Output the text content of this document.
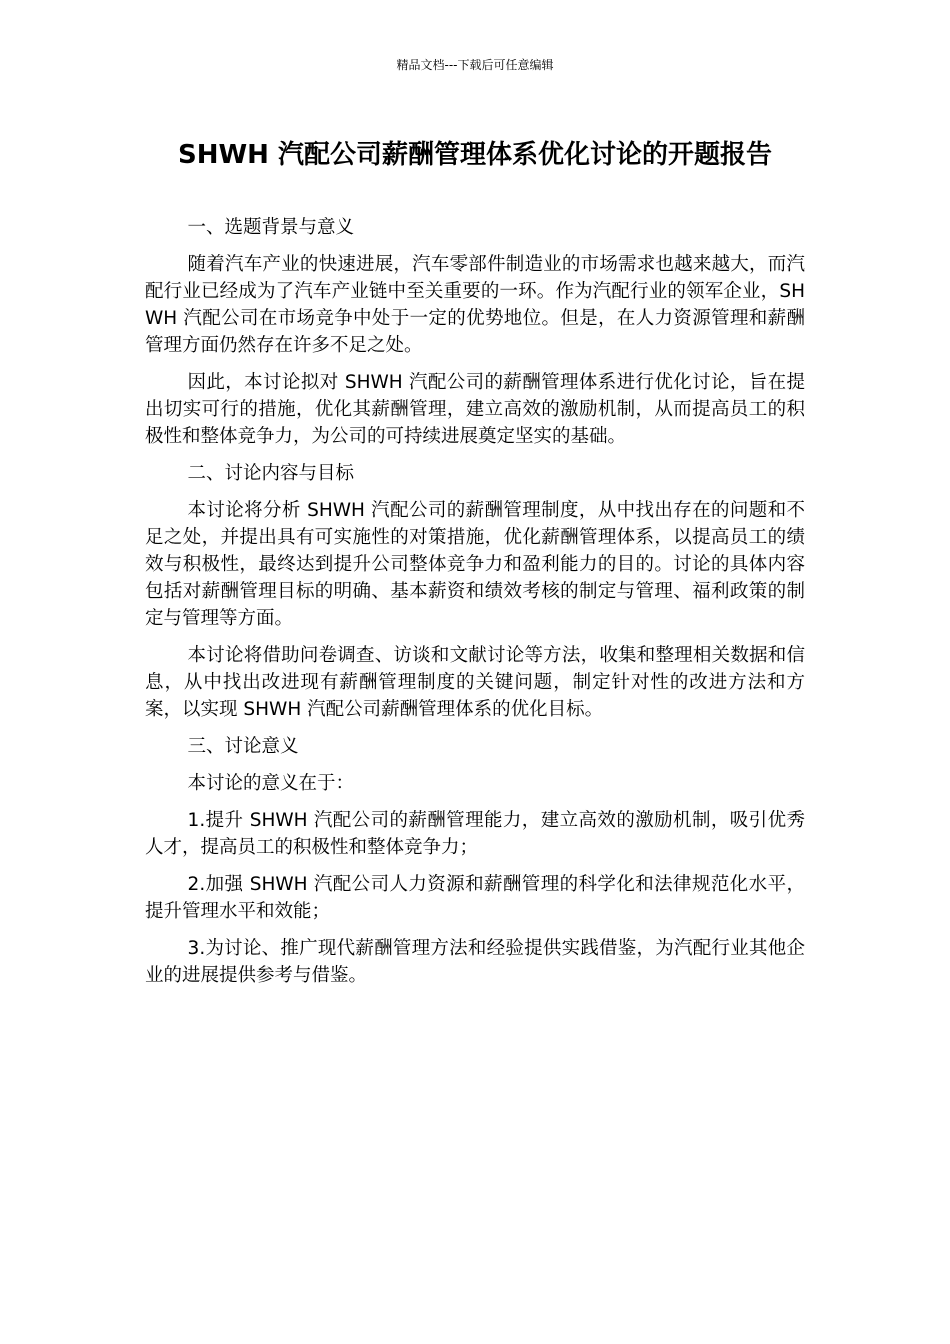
精品文档---下载后可任意编辑
SHWH 汽配公司薪酬管理体系优化讨论的开题报告

一、选题背景与意义

随着汽车产业的快速进展，汽车零部件制造业的市场需求也越来越大，而汽配行业已经成为了汽车产业链中至关重要的一环。作为汽配行业的领军企业，SHWH 汽配公司在市场竞争中处于一定的优势地位。但是，在人力资源管理和薪酬管理方面仍然存在许多不足之处。

因此，本讨论拟对 SHWH 汽配公司的薪酬管理体系进行优化讨论，旨在提出切实可行的措施，优化其薪酬管理，建立高效的激励机制，从而提高员工的积极性和整体竞争力，为公司的可持续进展奠定坚实的基础。

二、讨论内容与目标

本讨论将分析 SHWH 汽配公司的薪酬管理制度，从中找出存在的问题和不足之处，并提出具有可实施性的对策措施，优化薪酬管理体系，以提高员工的绩效与积极性，最终达到提升公司整体竞争力和盈利能力的目的。讨论的具体内容包括对薪酬管理目标的明确、基本薪资和绩效考核的制定与管理、福利政策的制定与管理等方面。

本讨论将借助问卷调查、访谈和文献讨论等方法，收集和整理相关数据和信息，从中找出改进现有薪酬管理制度的关键问题，制定针对性的改进方法和方案，以实现 SHWH 汽配公司薪酬管理体系的优化目标。

三、讨论意义

本讨论的意义在于：

1.提升 SHWH 汽配公司的薪酬管理能力，建立高效的激励机制，吸引优秀人才，提高员工的积极性和整体竞争力；

2.加强 SHWH 汽配公司人力资源和薪酬管理的科学化和法律规范化水平，提升管理水平和效能；

3.为讨论、推广现代薪酬管理方法和经验提供实践借鉴，为汽配行业其他企业的进展提供参考与借鉴。
